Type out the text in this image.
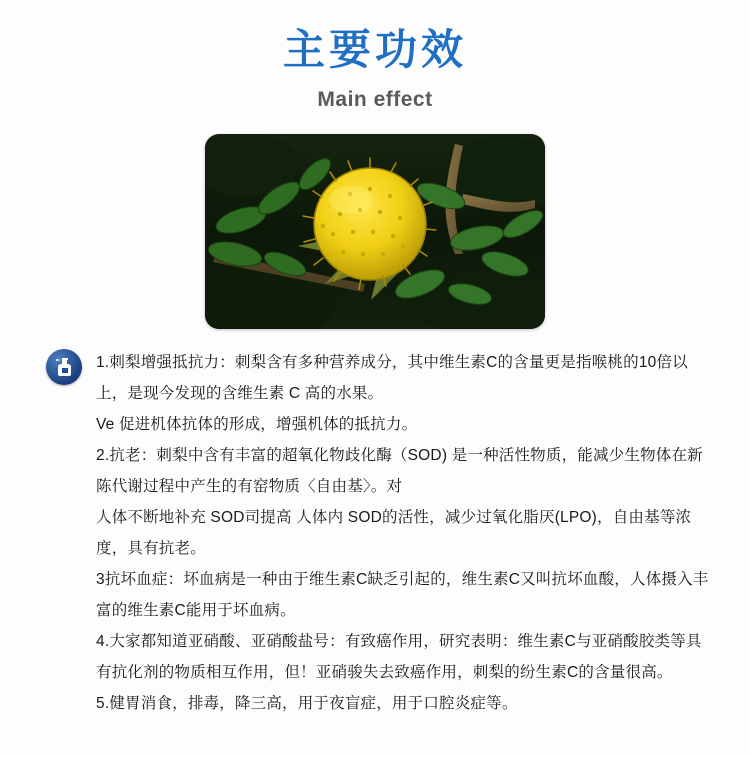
主要功效
Main effect

1.刺梨增强抵抗力：刺梨含有多种营养成分，其中维生素C的含量更是指喉桃的10倍以上，是现今发现的含维生素 C 高的水果。

Ve 促进机体抗体的形成，增强机体的抵抗力。

2.抗老：刺梨中含有丰富的超氧化物歧化酶（SOD) 是一种活性物质，能减少生物体在新陈代谢过程中产生的有窑物质〈自由基〉。对

人体不断地补充 SOD司提高 人体内 SOD的活性，减少过氧化脂厌(LPO)，自由基等浓度，具有抗老。

3抗坏血症：坏血病是一种由于维生素C缺乏引起的，维生素C又叫抗坏血酸，人体摄入丰富的维生素C能用于坏血病。

4.大家都知道亚硝酸、亚硝酸盐号：有致癌作用，研究表明：维生素C与亚硝酸胶类等具有抗化剂的物质相互作用，但！亚硝骏失去致癌作用，刺梨的纷生素C的含量很高。

5.健胃消食，排毒，降三高，用于夜盲症，用于口腔炎症等。
